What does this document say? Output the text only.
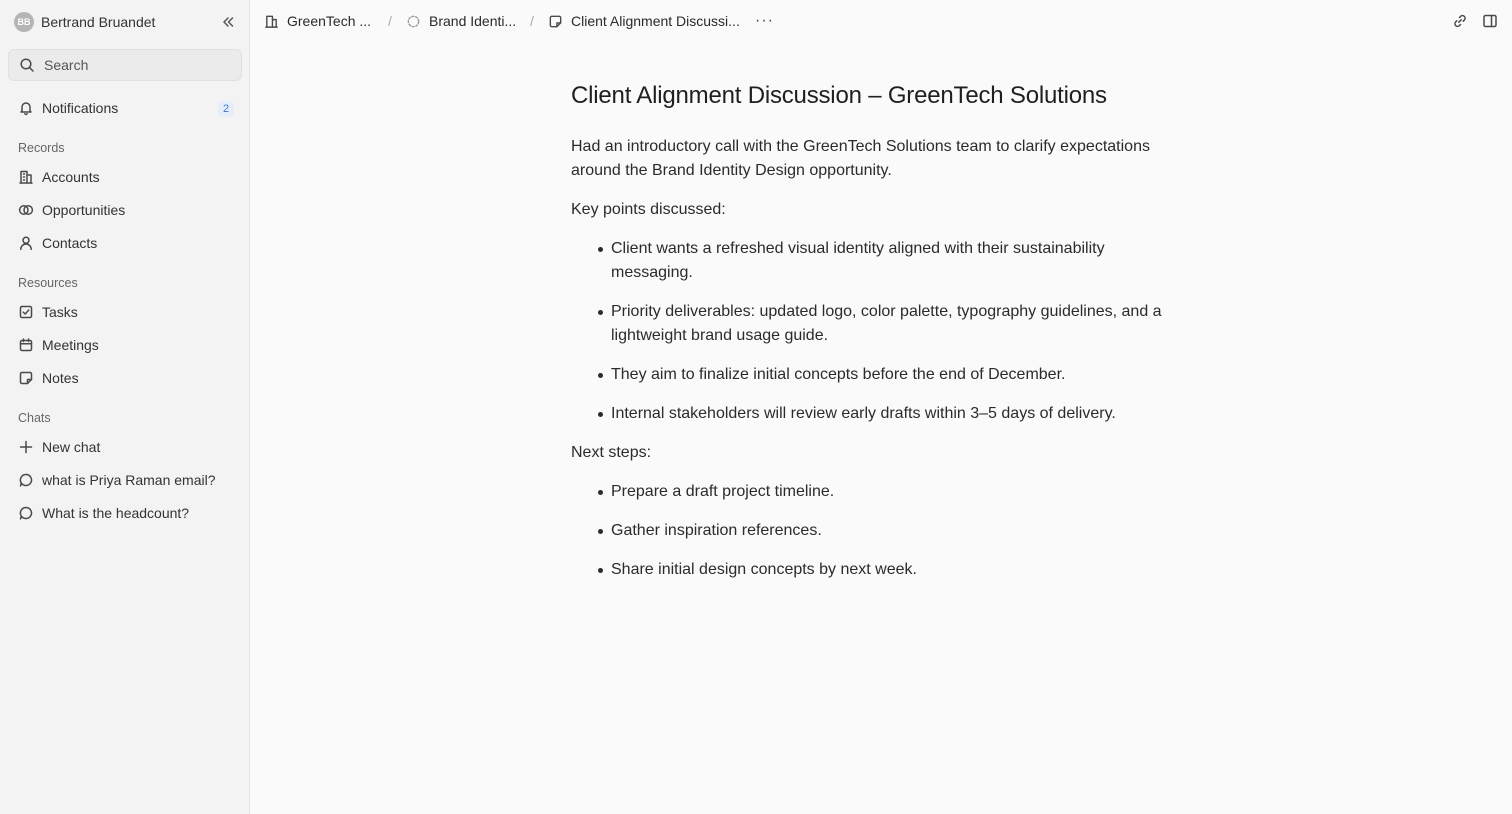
BB Bertrand Bruandet
Search
Notifications	2
Records
Accounts
Opportunities
Contacts
Resources
Tasks
Meetings
Notes
Chats
New chat
what is Priya Raman email?
What is the headcount?
GreenTech ... /	Brand Identi... /	Client Alignment Discussi... ···
Client Alignment Discussion – GreenTech Solutions

Had an introductory call with the GreenTech Solutions team to clarify expectations around the Brand Identity Design opportunity.

Key points discussed:

Client wants a refreshed visual identity aligned with their sustainability messaging.
Priority deliverables: updated logo, color palette, typography guidelines, and a lightweight brand usage guide.
They aim to finalize initial concepts before the end of December.
Internal stakeholders will review early drafts within 3–5 days of delivery.

Next steps:

Prepare a draft project timeline.
Gather inspiration references.
Share initial design concepts by next week.
